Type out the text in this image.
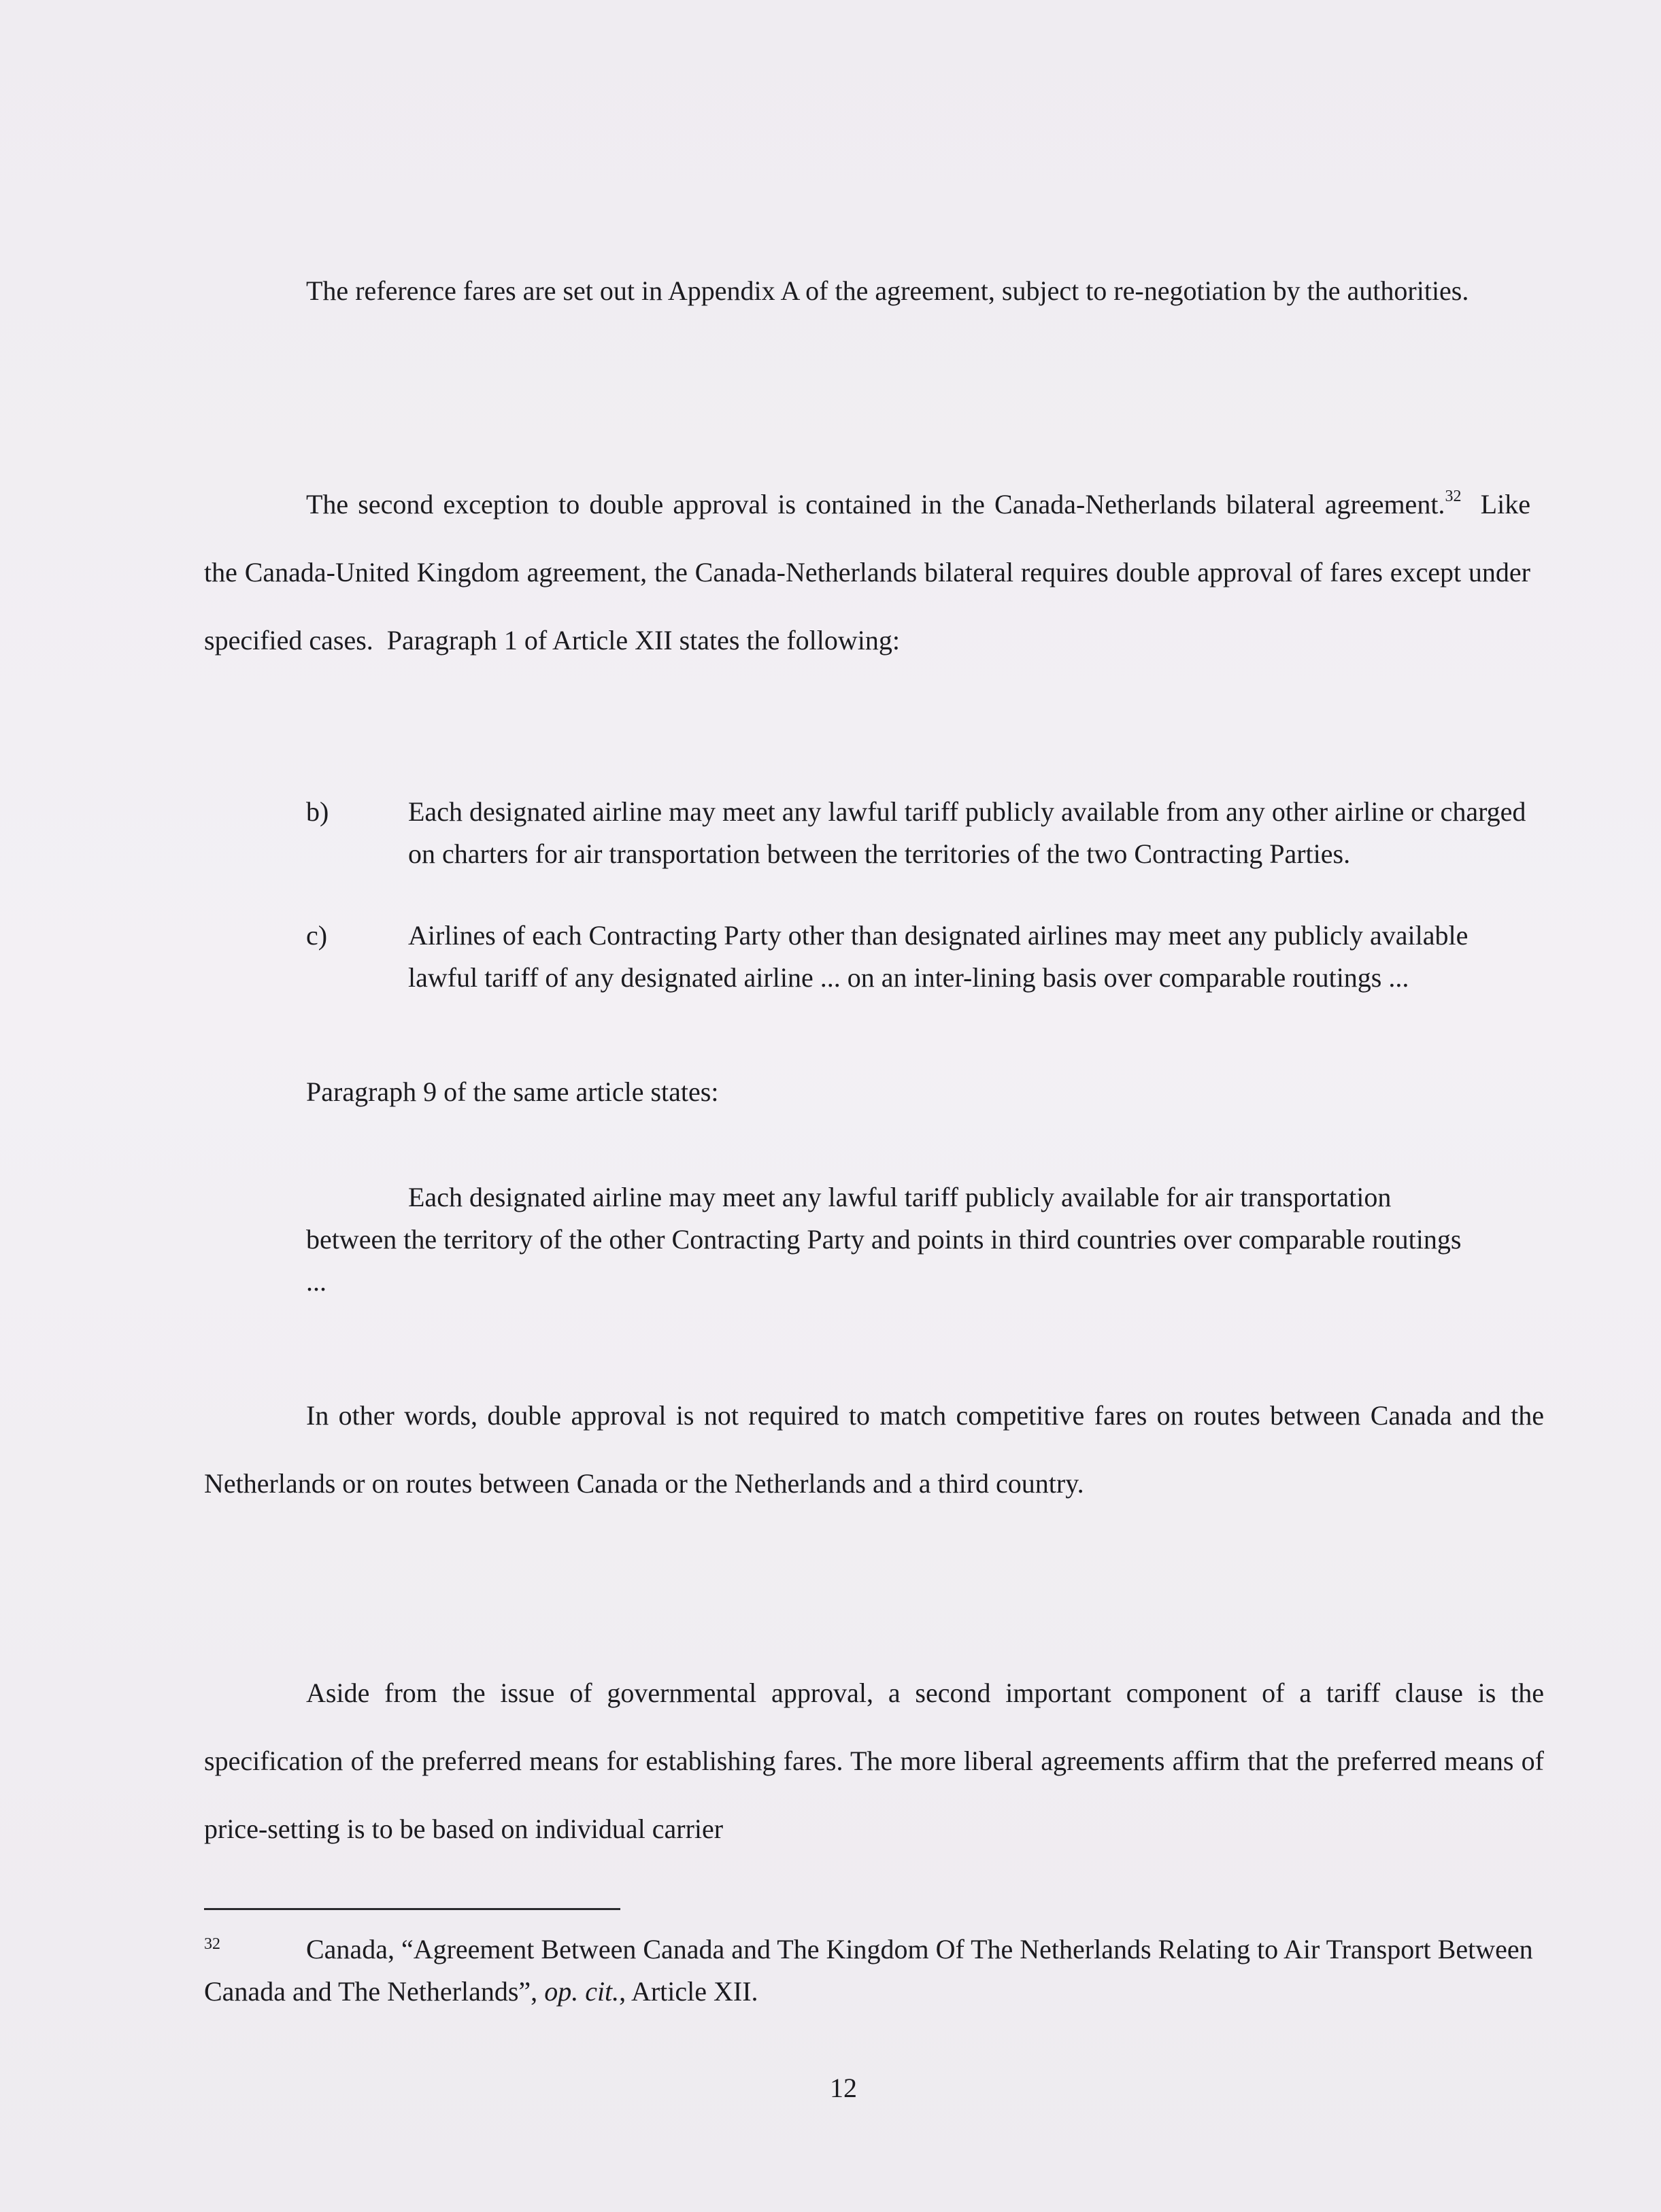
The reference fares are set out in Appendix A of the agreement, subject to re-negotiation by the authorities.

The second exception to double approval is contained in the Canada-Netherlands bilateral agreement.$^{32}$  Like the Canada-United Kingdom agreement, the Canada-Netherlands bilateral requires double approval of fares except under specified cases.  Paragraph 1 of Article XII states the following:

b)	Each designated airline may meet any lawful tariff publicly available from any other airline or charged on charters for air transportation between the territories of the two Contracting Parties.
c)	Airlines of each Contracting Party other than designated airlines may meet any publicly available lawful tariff of any designated airline ... on an inter-lining basis over comparable routings ...
Paragraph 9 of the same article states:
Each designated airline may meet any lawful tariff publicly available for air transportation between the territory of the other Contracting Party and points in third countries over comparable routings ...

In other words, double approval is not required to match competitive fares on routes between Canada and the Netherlands or on routes between Canada or the Netherlands and a third country.

Aside from the issue of governmental approval, a second important component of a tariff clause is the specification of the preferred means for establishing fares. The more liberal agreements affirm that the preferred means of price-setting is to be based on individual carrier

32	Canada, “Agreement Between Canada and The Kingdom Of The Netherlands Relating to Air Transport Between Canada and The Netherlands”, op. cit., Article XII.
12
